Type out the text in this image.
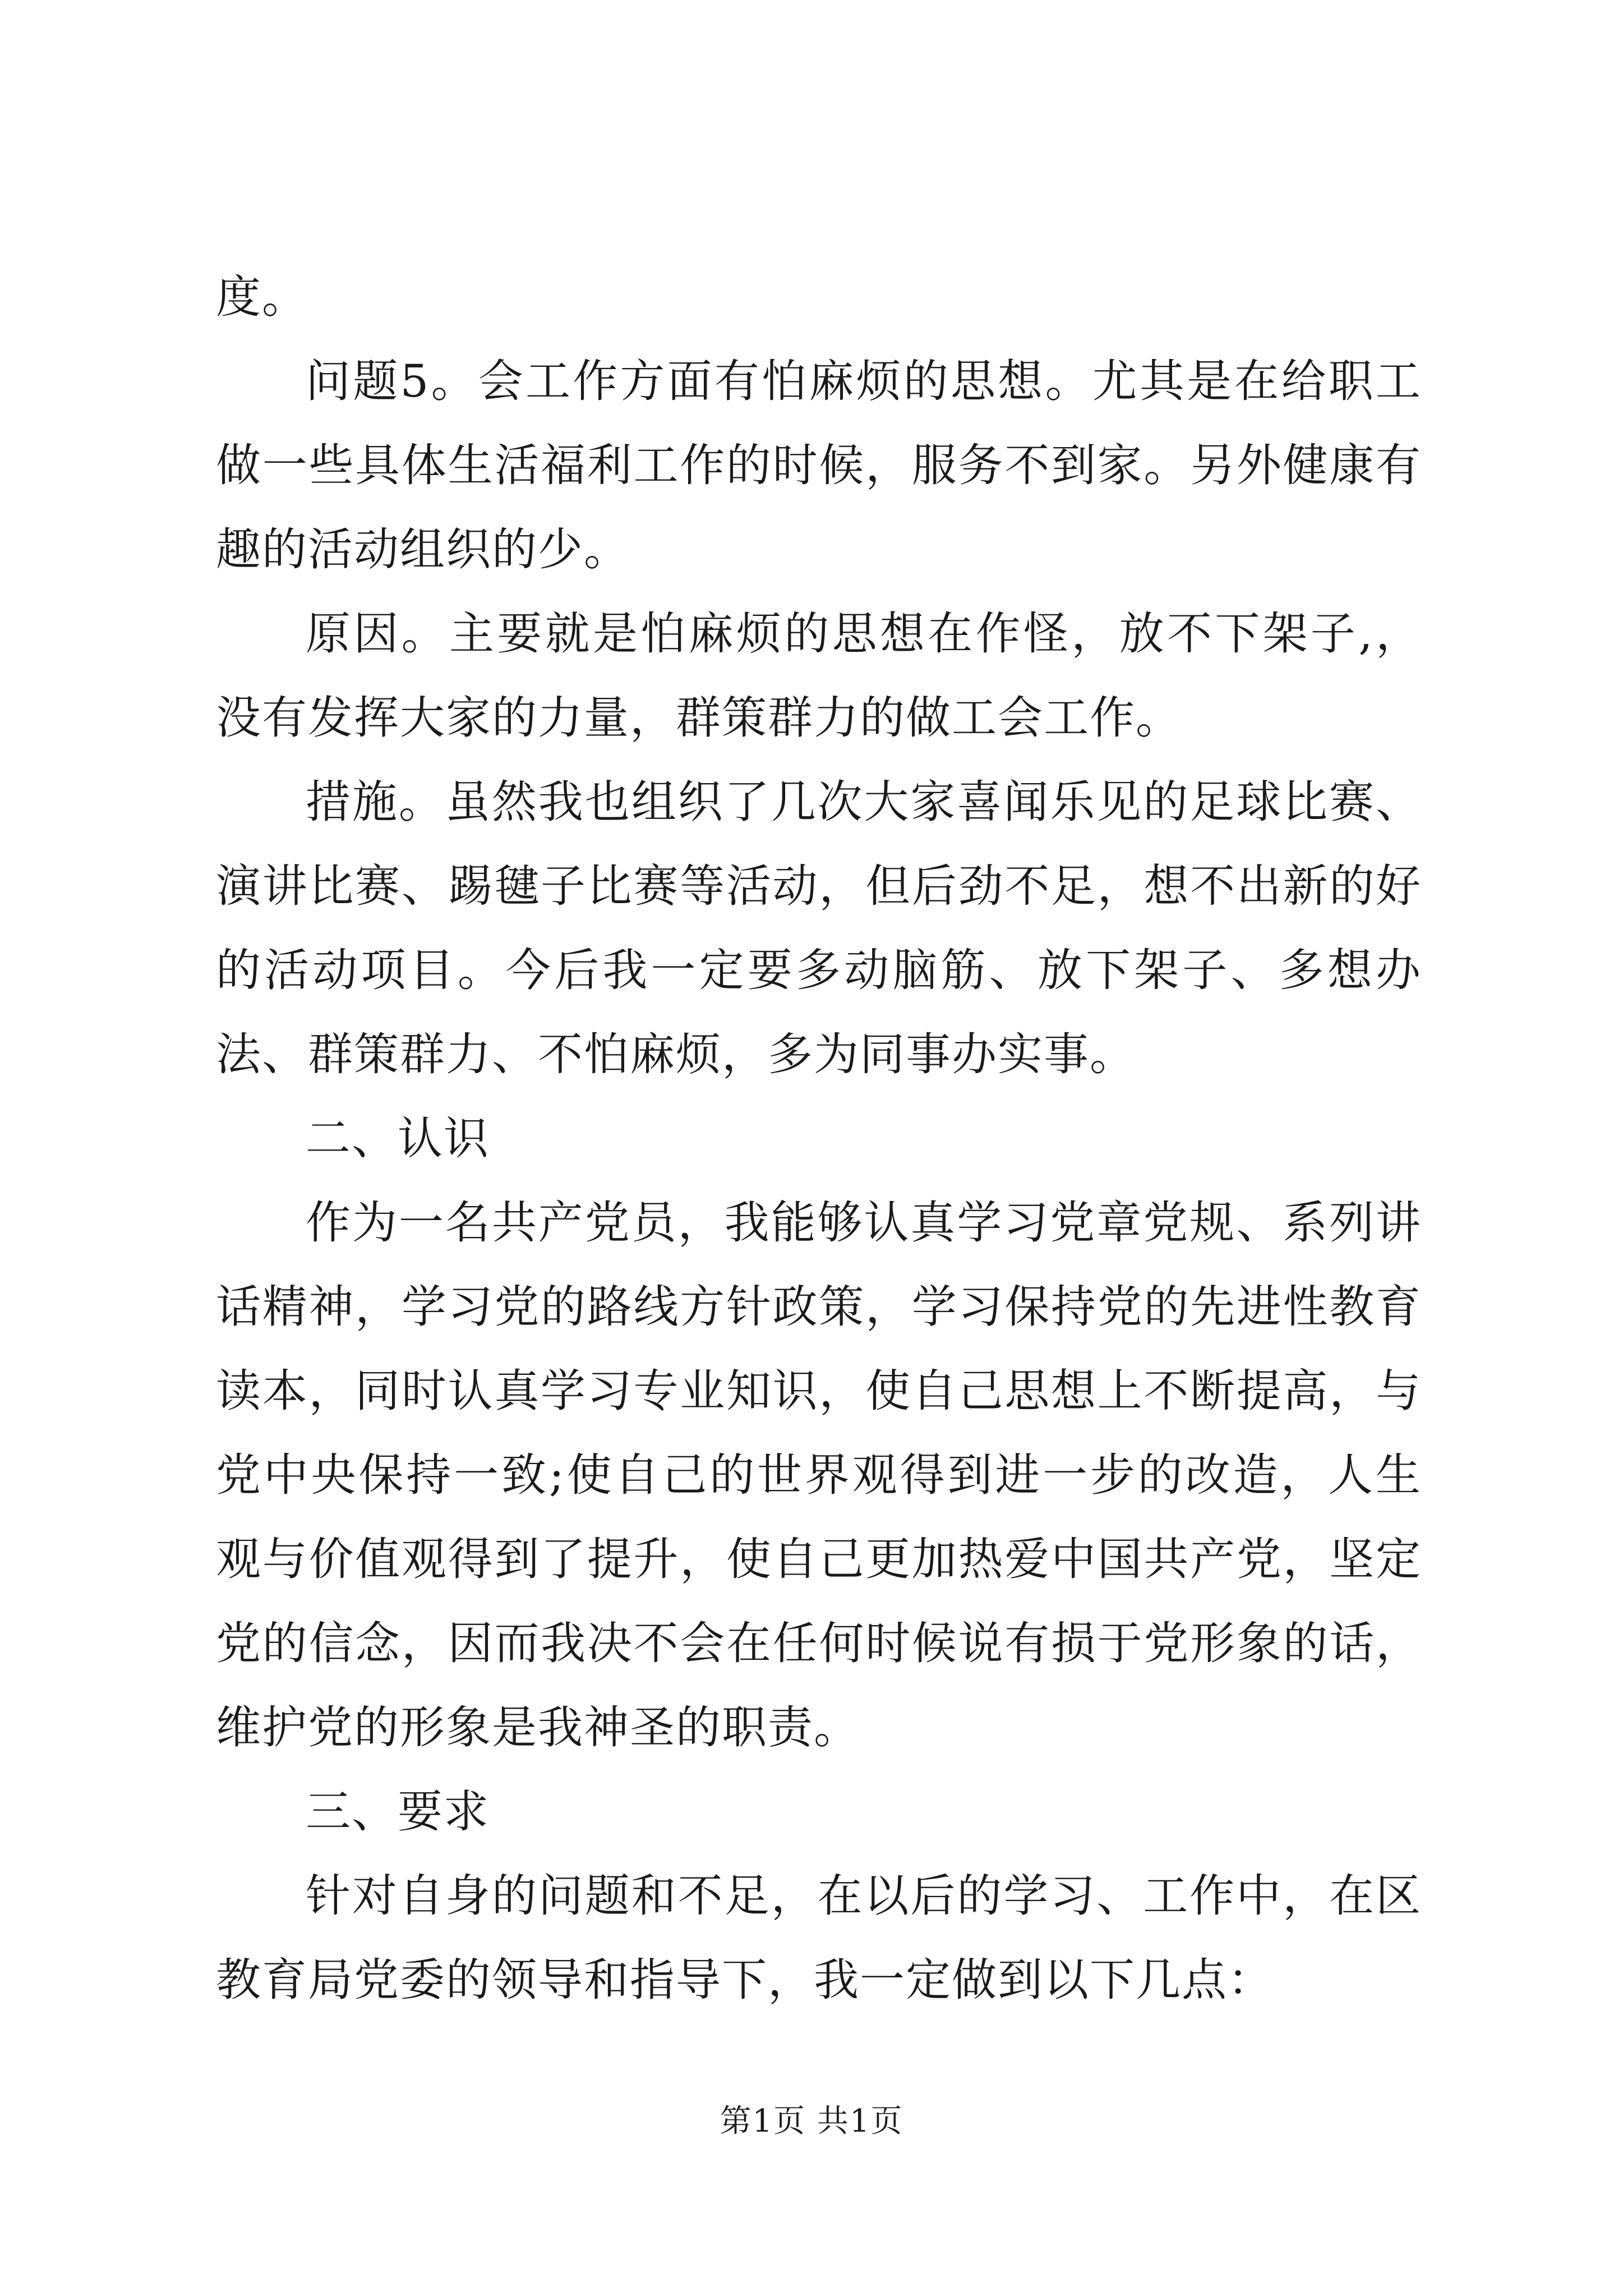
度。

问题5。会工作方面有怕麻烦的思想。尤其是在给职工做一些具体生活福利工作的时候，服务不到家。另外健康有趣的活动组织的少。

原因。主要就是怕麻烦的思想在作怪，放不下架子,，没有发挥大家的力量，群策群力的做工会工作。

措施。虽然我也组织了几次大家喜闻乐见的足球比赛、演讲比赛、踢毽子比赛等活动，但后劲不足，想不出新的好的活动项目。今后我一定要多动脑筋、放下架子、多想办法、群策群力、不怕麻烦，多为同事办实事。

二、认识

作为一名共产党员，我能够认真学习党章党规、系列讲话精神，学习党的路线方针政策，学习保持党的先进性教育读本，同时认真学习专业知识，使自己思想上不断提高，与党中央保持一致;使自己的世界观得到进一步的改造，人生观与价值观得到了提升，使自己更加热爱中国共产党，坚定党的信念，因而我决不会在任何时候说有损于党形象的话，维护党的形象是我神圣的职责。

三、要求

针对自身的问题和不足，在以后的学习、工作中，在区教育局党委的领导和指导下，我一定做到以下几点：

第1页 共1页
